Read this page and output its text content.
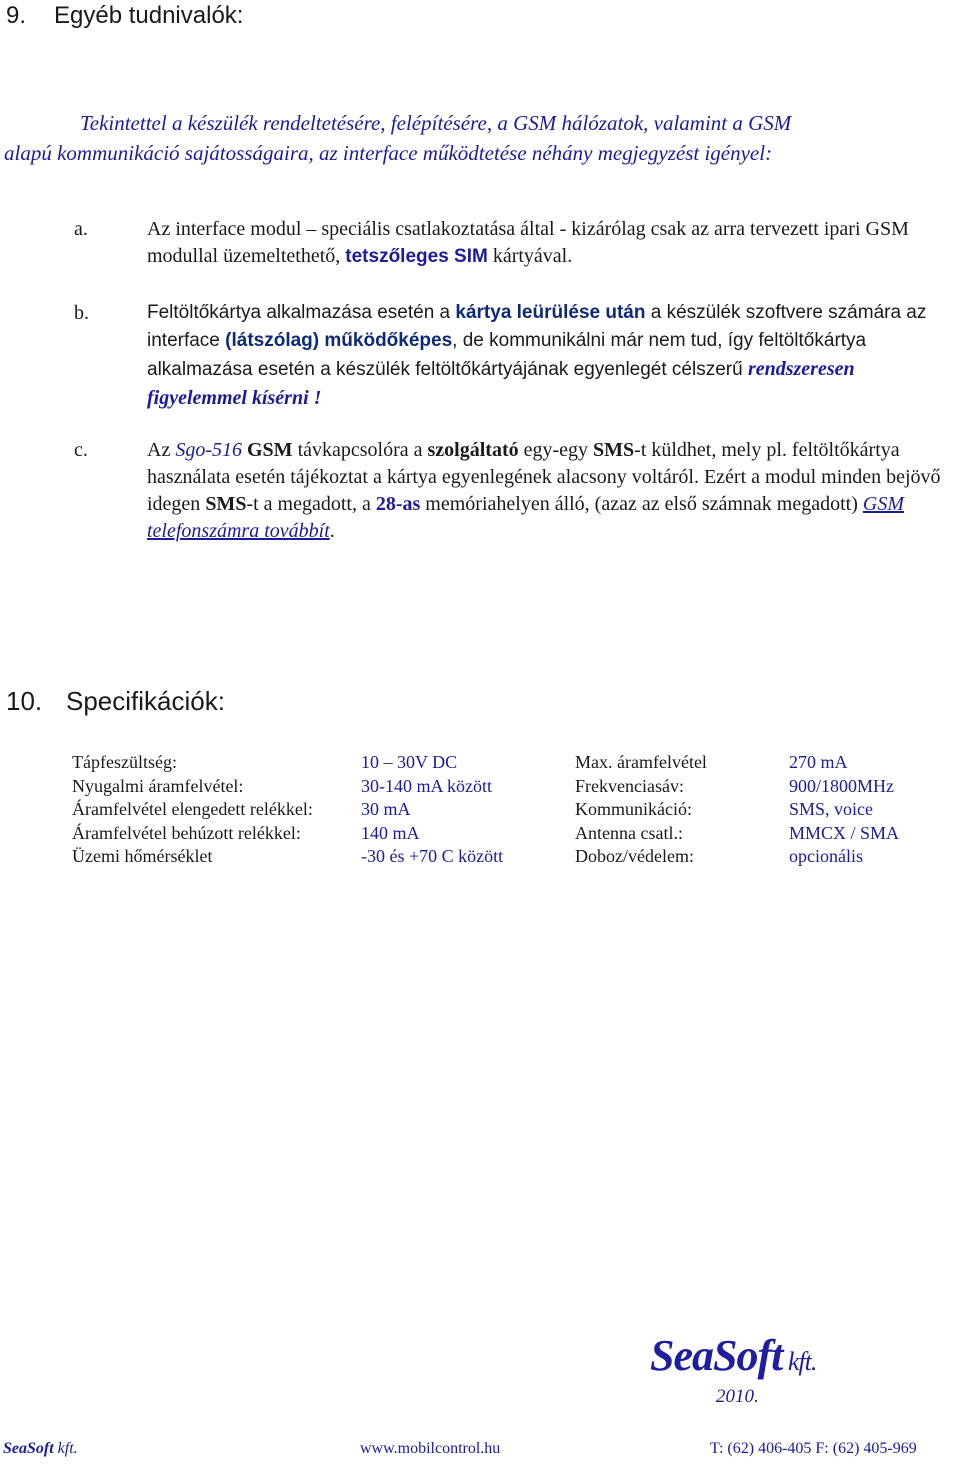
9. Egyéb tudnivalók:
Tekintettel a készülék rendeltetésére, felépítésére, a GSM hálózatok, valamint a GSM
alapú kommunikáció sajátosságaira, az interface működtetése néhány megjegyzést igényel:
a.	Az interface modul – speciális csatlakoztatása által - kizárólag csak az arra tervezett ipari GSM modullal üzemeltethető, tetszőleges SIM kártyával.
b.	Feltöltőkártya alkalmazása esetén a kártya leürülése után a készülék szoftvere számára az interface (látszólag) működőképes, de kommunikálni már nem tud, így feltöltőkártya alkalmazása esetén a készülék feltöltőkártyájának egyenlegét célszerű rendszeresen figyelemmel kísérni !
c.	Az Sgo-516 GSM távkapcsolóra a szolgáltató egy-egy SMS-t küldhet, mely pl. feltöltőkártya használata esetén tájékoztat a kártya egyenlegének alacsony voltáról. Ezért a modul minden bejövő idegen SMS-t a megadott, a 28-as memóriahelyen álló, (azaz az első számnak megadott) GSM telefonszámra továbbít.
10. Specifikációk:
Tápfeszültség:	10 – 30V DC	Max. áramfelvétel	270 mA
Nyugalmi áramfelvétel:	30-140 mA között	Frekvenciasáv:	900/1800MHz
Áramfelvétel elengedett relékkel:	30 mA	Kommunikáció:	SMS, voice
Áramfelvétel behúzott relékkel:	140 mA	Antenna csatl.:	MMCX / SMA
Üzemi hőmérséklet	-30 és +70 C között	Doboz/védelem:	opcionális
SeaSoft kft.
2010.
SeaSoft kft.	www.mobilcontrol.hu	T: (62) 406-405 F: (62) 405-969
